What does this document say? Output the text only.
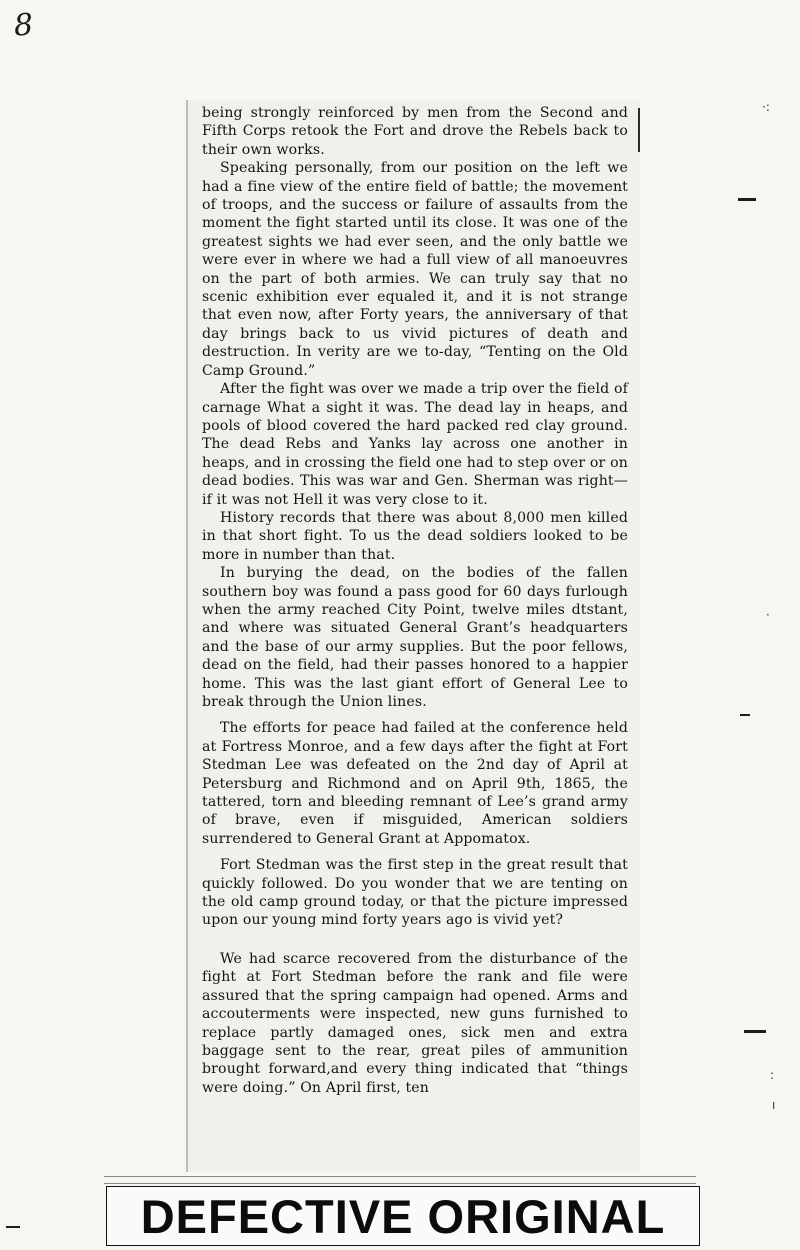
8

being strongly reinforced by men from the Second and Fifth Corps retook the Fort and drove the Rebels back to their own works.

Speaking personally, from our position on the left we had a fine view of the entire field of battle; the movement of troops, and the success or failure of assaults from the moment the fight started until its close. It was one of the greatest sights we had ever seen, and the only battle we were ever in where we had a full view of all manoeuvres on the part of both armies. We can truly say that no scenic exhibition ever equaled it, and it is not strange that even now, after Forty years, the anniversary of that day brings back to us vivid pictures of death and destruction. In verity are we to-day, “Tenting on the Old Camp Ground.”

After the fight was over we made a trip over the field of carnage What a sight it was. The dead lay in heaps, and pools of blood covered the hard packed red clay ground. The dead Rebs and Yanks lay across one another in heaps, and in crossing the field one had to step over or on dead bodies. This was war and Gen. Sherman was right—if it was not Hell it was very close to it.

History records that there was about 8,000 men killed in that short fight. To us the dead soldiers looked to be more in number than that.

In burying the dead, on the bodies of the fallen southern boy was found a pass good for 60 days furlough when the army reached City Point, twelve miles dtstant, and where was situated General Grant’s headquarters and the base of our army supplies. But the poor fellows, dead on the field, had their passes honored to a happier home. This was the last giant effort of General Lee to break through the Union lines.

The efforts for peace had failed at the conference held at Fortress Monroe, and a few days after the fight at Fort Stedman Lee was defeated on the 2nd day of April at Petersburg and Richmond and on April 9th, 1865, the tattered, torn and bleeding remnant of Lee’s grand army of brave, even if misguided, American soldiers surrendered to General Grant at Appomatox.

Fort Stedman was the first step in the great result that quickly followed. Do you wonder that we are tenting on the old camp ground today, or that the picture impressed upon our young mind forty years ago is vivid yet?

We had scarce recovered from the disturbance of the fight at Fort Stedman before the rank and file were assured that the spring campaign had opened. Arms and accouterments were inspected, new guns furnished to replace partly damaged ones, sick men and extra baggage sent to the rear, great piles of ammunition brought forward,and every thing indicated that “things were doing.” On April first, ten

·:
·
:
ı
DEFECTIVE ORIGINAL
